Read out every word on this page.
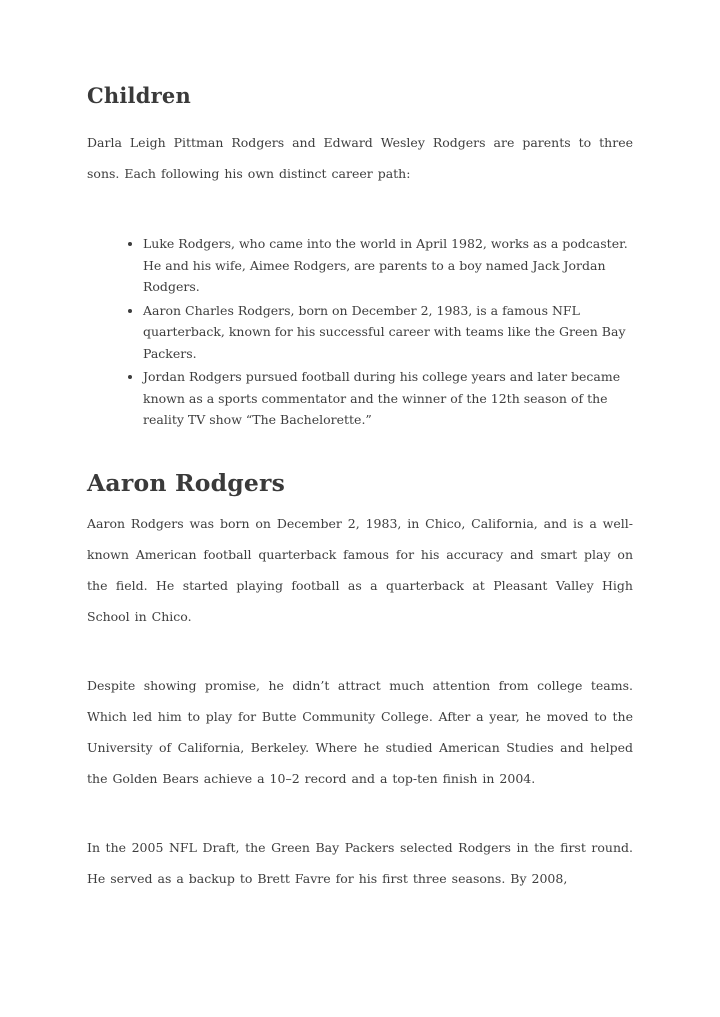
Children

Darla Leigh Pittman Rodgers and Edward Wesley Rodgers are parents to three sons. Each following his own distinct career path:

• Luke Rodgers, who came into the world in April 1982, works as a podcaster. He and his wife, Aimee Rodgers, are parents to a boy named Jack Jordan Rodgers.
• Aaron Charles Rodgers, born on December 2, 1983, is a famous NFL quarterback, known for his successful career with teams like the Green Bay Packers.
• Jordan Rodgers pursued football during his college years and later became known as a sports commentator and the winner of the 12th season of the reality TV show “The Bachelorette.”
Aaron Rodgers

Aaron Rodgers was born on December 2, 1983, in Chico, California, and is a well-known American football quarterback famous for his accuracy and smart play on the field. He started playing football as a quarterback at Pleasant Valley High School in Chico.

Despite showing promise, he didn’t attract much attention from college teams. Which led him to play for Butte Community College. After a year, he moved to the University of California, Berkeley. Where he studied American Studies and helped the Golden Bears achieve a 10–2 record and a top-ten finish in 2004.

In the 2005 NFL Draft, the Green Bay Packers selected Rodgers in the first round. He served as a backup to Brett Favre for his first three seasons. By 2008,
